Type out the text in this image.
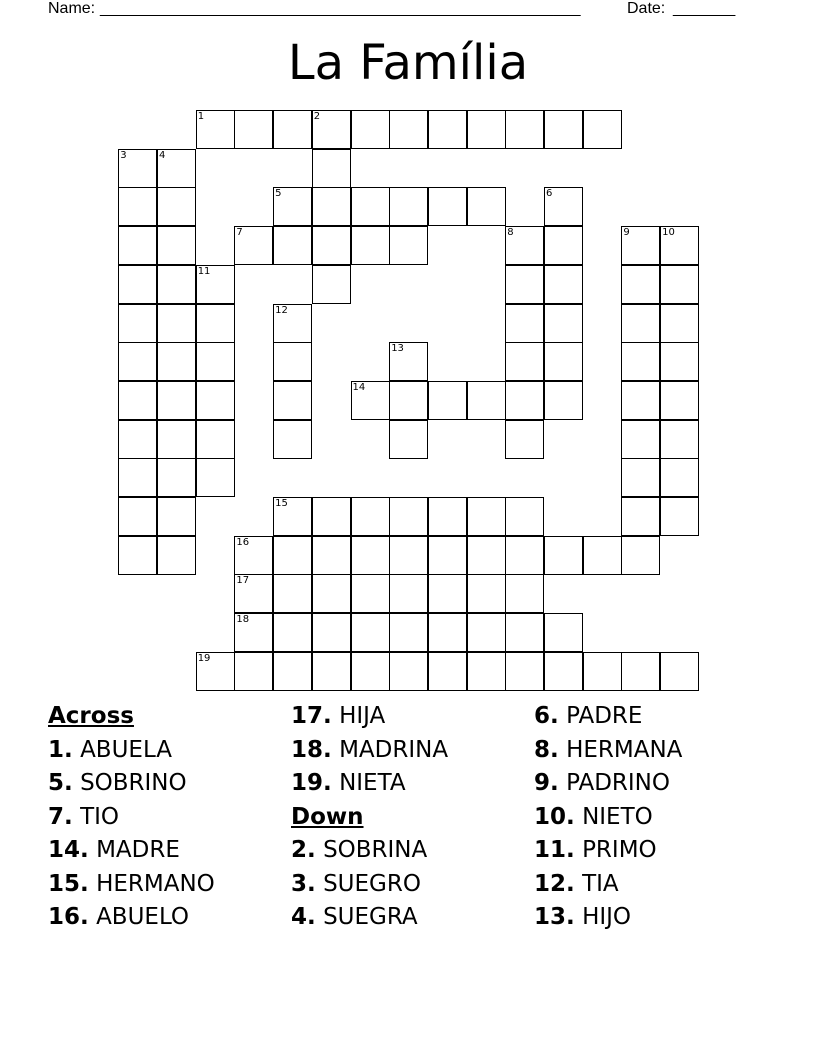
Name: ______________________________________________________	Date: _______
La Família
1	2
3	4
5	6
7	8	9	10
11
12
13
14
15
16
17
18
19
Across
1. ABUELA
5. SOBRINO
7. TIO
14. MADRE
15. HERMANO
16. ABUELO
17. HIJA
18. MADRINA
19. NIETA
Down
2. SOBRINA
3. SUEGRO
4. SUEGRA
6. PADRE
8. HERMANA
9. PADRINO
10. NIETO
11. PRIMO
12. TIA
13. HIJO
